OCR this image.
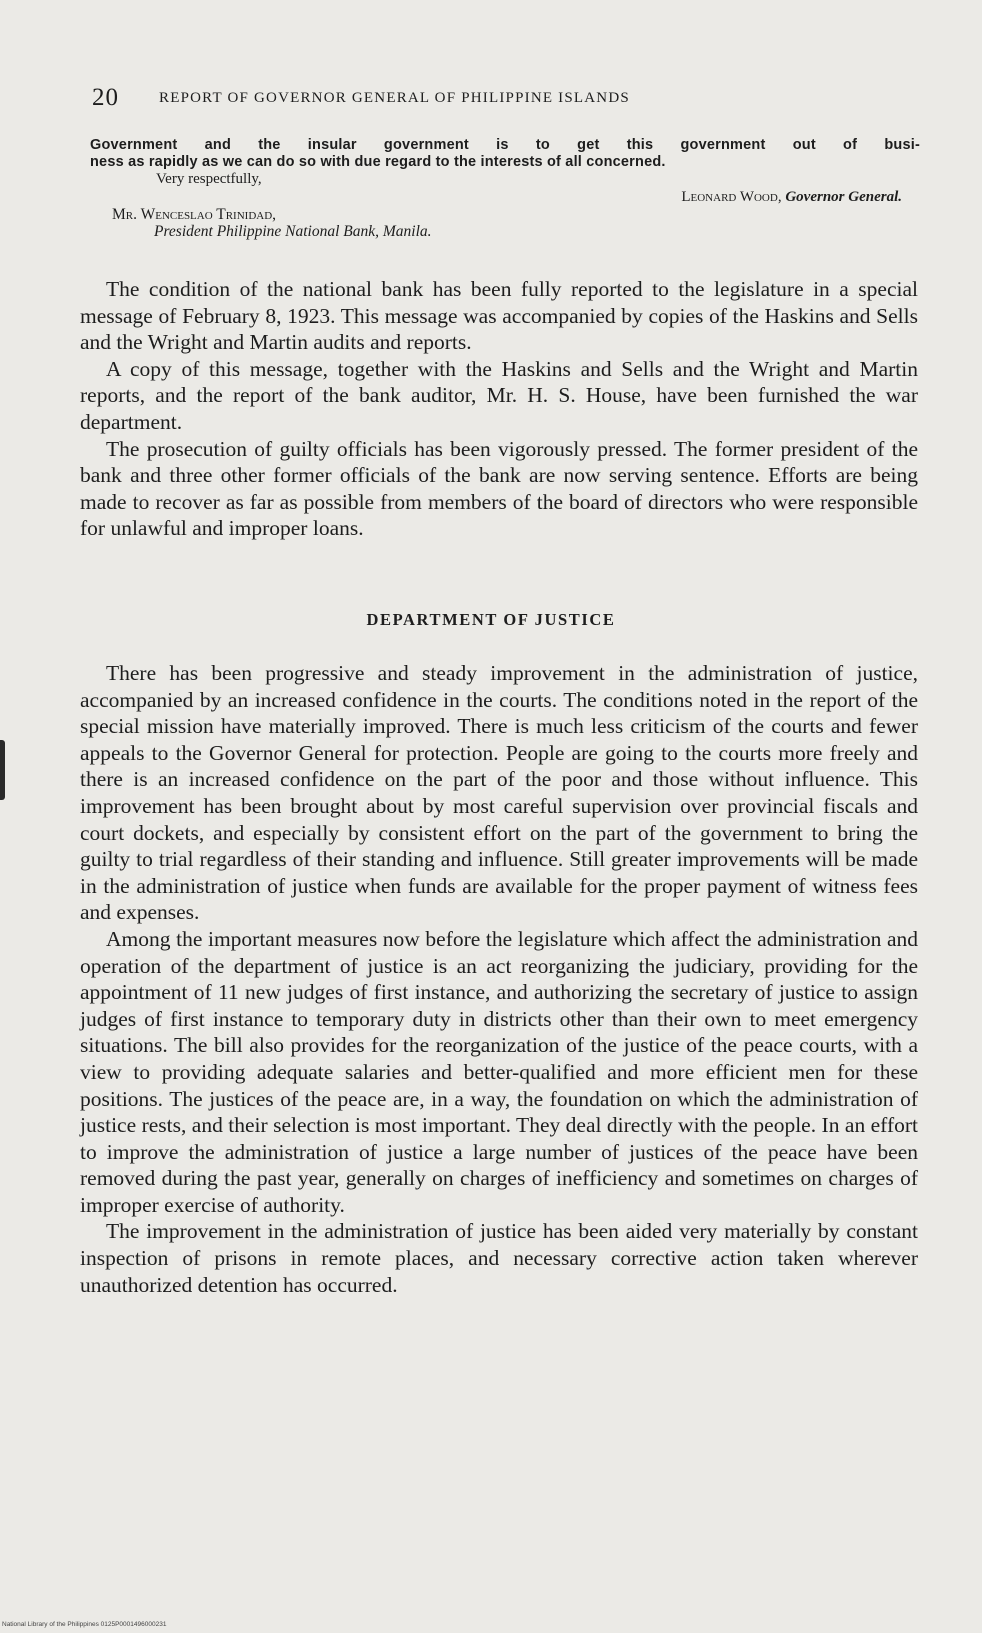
20	REPORT OF GOVERNOR GENERAL OF PHILIPPINE ISLANDS
Government and the insular government is to get this government out of busi-
ness as rapidly as we can do so with due regard to the interests of all concerned.
Very respectfully,
Leonard Wood, Governor General.
Mr. Wenceslao Trinidad,
President Philippine National Bank, Manila.

The condition of the national bank has been fully reported to the legislature in a special message of February 8, 1923. This message was accompanied by copies of the Haskins and Sells and the Wright and Martin audits and reports.

A copy of this message, together with the Haskins and Sells and the Wright and Martin reports, and the report of the bank auditor, Mr. H. S. House, have been furnished the war department.

The prosecution of guilty officials has been vigorously pressed. The former president of the bank and three other former officials of the bank are now serving sentence. Efforts are being made to recover as far as possible from members of the board of directors who were responsible for unlawful and improper loans.

DEPARTMENT OF JUSTICE

There has been progressive and steady improvement in the administration of justice, accompanied by an increased confidence in the courts. The conditions noted in the report of the special mission have materially improved. There is much less criticism of the courts and fewer appeals to the Governor General for protection. People are going to the courts more freely and there is an increased confidence on the part of the poor and those without influence. This improvement has been brought about by most careful supervision over provincial fiscals and court dockets, and especially by consistent effort on the part of the government to bring the guilty to trial regardless of their standing and influence. Still greater improvements will be made in the administration of justice when funds are available for the proper payment of witness fees and expenses.

Among the important measures now before the legislature which affect the administration and operation of the department of justice is an act reorganizing the judiciary, providing for the appointment of 11 new judges of first instance, and authorizing the secretary of justice to assign judges of first instance to temporary duty in districts other than their own to meet emergency situations. The bill also provides for the reorganization of the justice of the peace courts, with a view to providing adequate salaries and better-qualified and more efficient men for these positions. The justices of the peace are, in a way, the foundation on which the administration of justice rests, and their selection is most important. They deal directly with the people. In an effort to improve the administration of justice a large number of justices of the peace have been removed during the past year, generally on charges of inefficiency and sometimes on charges of improper exercise of authority.

The improvement in the administration of justice has been aided very materially by constant inspection of prisons in remote places, and necessary corrective action taken wherever unauthorized detention has occurred.

National Library of the Philippines 0125P0001496000231
